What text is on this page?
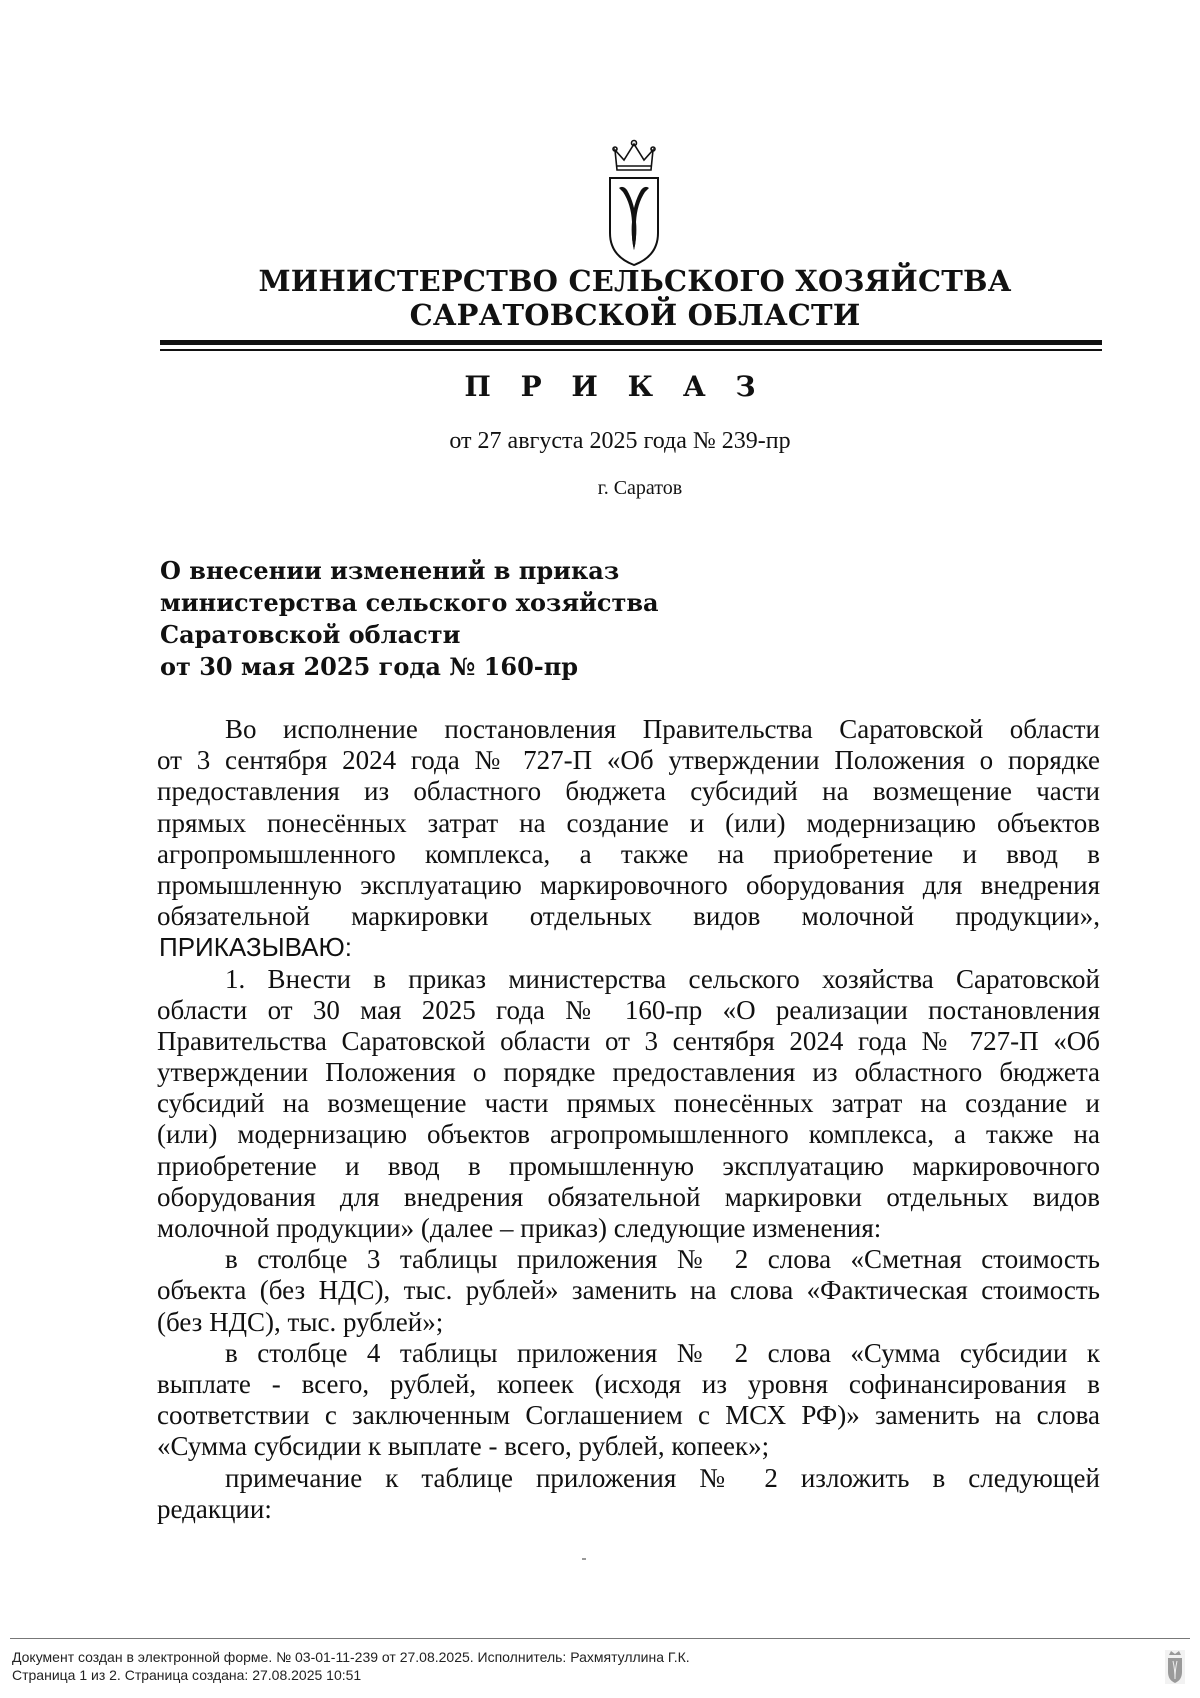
МИНИСТЕРСТВО СЕЛЬСКОГО ХОЗЯЙСТВА
САРАТОВСКОЙ ОБЛАСТИ
П Р И К А З
от 27 августа 2025 года № 239-пр
г. Саратов
О внесении изменений в приказ
министерства сельского хозяйства
Саратовской области
от 30 мая 2025 года № 160-пр
Во исполнение постановления Правительства Саратовской области
от 3 сентября 2024 года № 727-П «Об утверждении Положения о порядке
предоставления из областного бюджета субсидий на возмещение части
прямых понесённых затрат на создание и (или) модернизацию объектов
агропромышленного комплекса, а также на приобретение и ввод в
промышленную эксплуатацию маркировочного оборудования для внедрения
обязательной маркировки отдельных видов молочной продукции»,
ПРИКАЗЫВАЮ:
1. Внести в приказ министерства сельского хозяйства Саратовской
области от 30 мая 2025 года № 160-пр «О реализации постановления
Правительства Саратовской области от 3 сентября 2024 года № 727-П «Об
утверждении Положения о порядке предоставления из областного бюджета
субсидий на возмещение части прямых понесённых затрат на создание и
(или) модернизацию объектов агропромышленного комплекса, а также на
приобретение и ввод в промышленную эксплуатацию маркировочного
оборудования для внедрения обязательной маркировки отдельных видов
молочной продукции» (далее – приказ) следующие изменения:
в столбце 3 таблицы приложения № 2 слова «Сметная стоимость
объекта (без НДС), тыс. рублей» заменить на слова «Фактическая стоимость
(без НДС), тыс. рублей»;
в столбце 4 таблицы приложения № 2 слова «Сумма субсидии к
выплате - всего, рублей, копеек (исходя из уровня софинансирования в
соответствии с заключенным Соглашением с МСХ РФ)» заменить на слова
«Сумма субсидии к выплате - всего, рублей, копеек»;
примечание к таблице приложения № 2 изложить в следующей
редакции:
Документ создан в электронной форме. № 03-01-11-239 от 27.08.2025. Исполнитель: Рахмятуллина Г.К.
Страница 1 из 2. Страница создана: 27.08.2025 10:51
